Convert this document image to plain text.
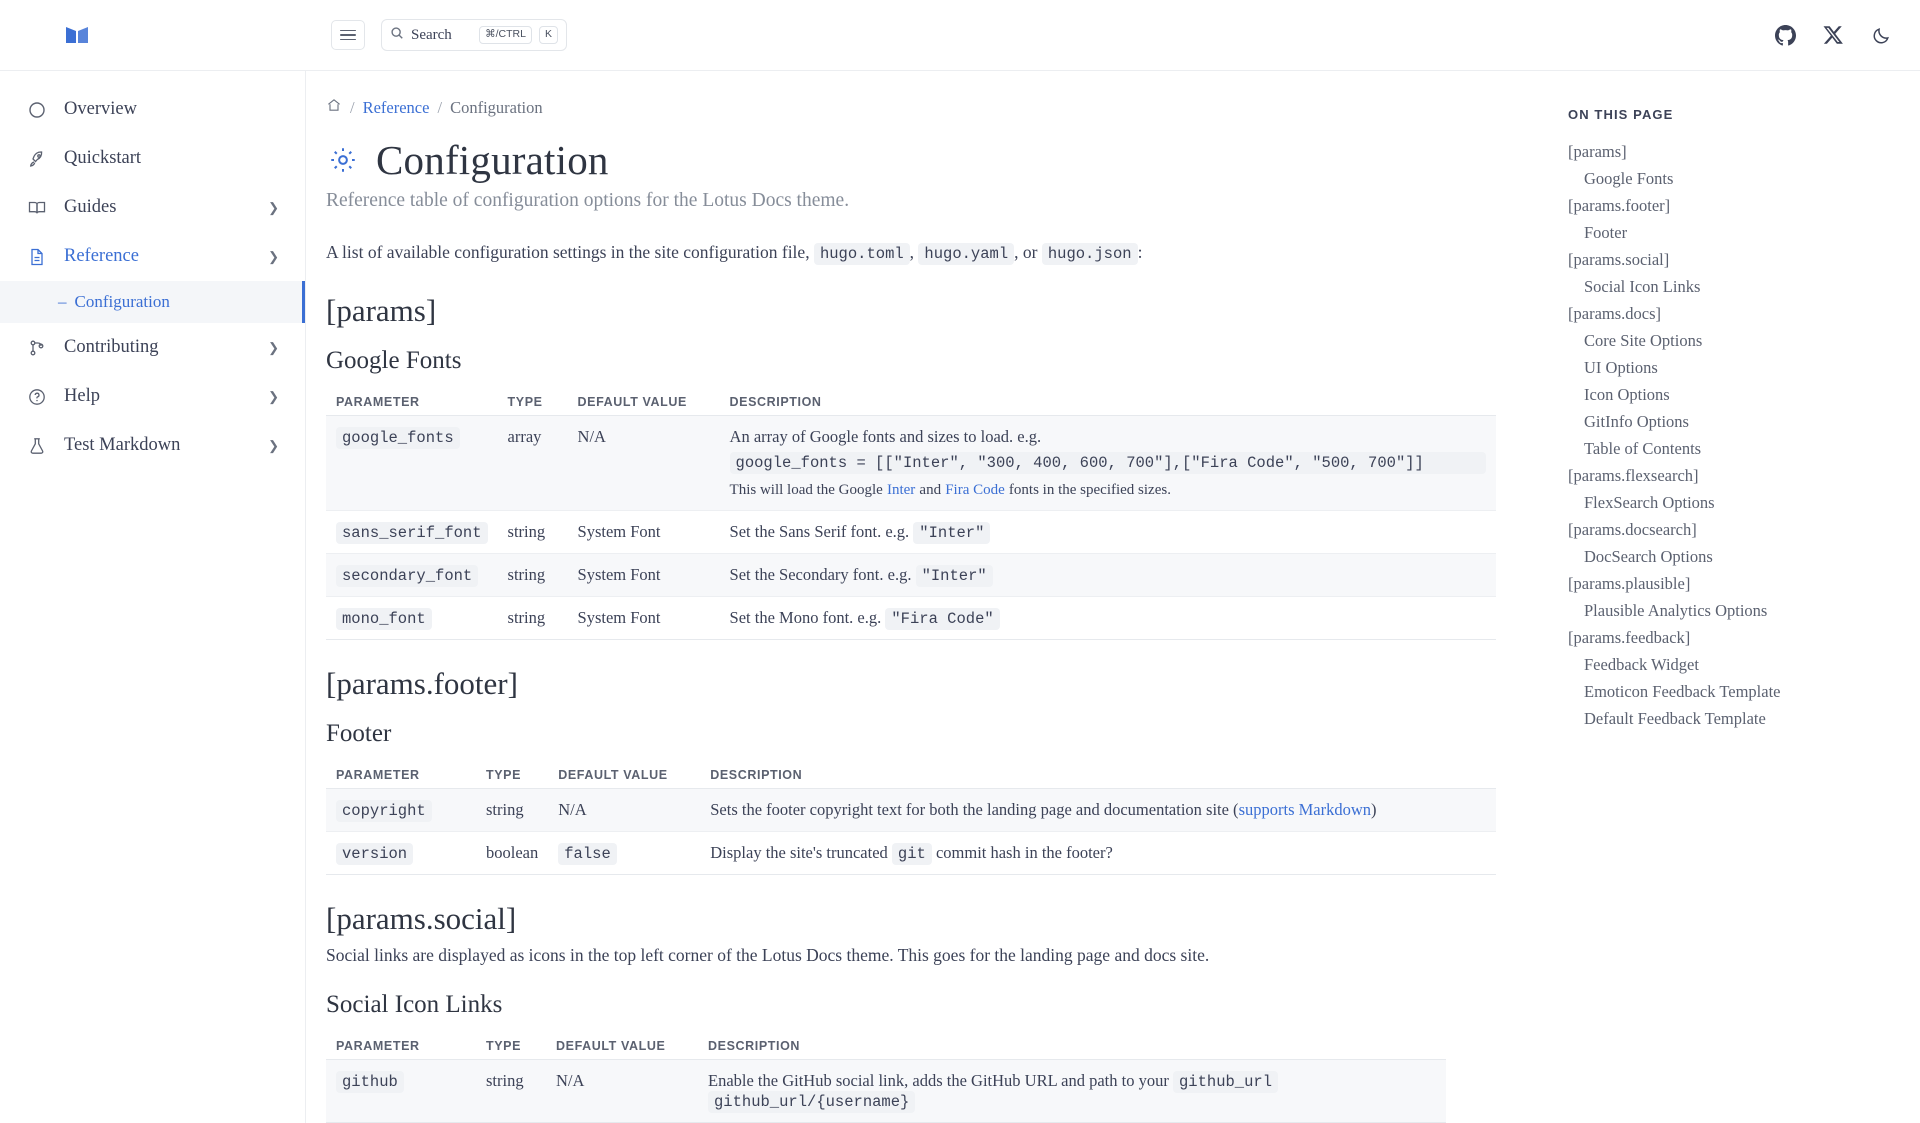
Search	⌘/CTRL	K
Overview
Quickstart
Guides	❯
Reference	❯
– Configuration
Contributing	❯
Help	❯
Test Markdown	❯
/ Reference / Configuration
Configuration
Reference table of configuration options for the Lotus Docs theme.

A list of available configuration settings in the site configuration file, hugo.toml , hugo.yaml , or hugo.json :

[params]
Google Fonts
PARAMETER	TYPE	DEFAULT VALUE	DESCRIPTION
google_fonts	array	N/A	An array of Google fonts and sizes to load. e.g.
google_fonts = [["Inter", "300, 400, 600, 700"],["Fira Code", "500, 700"]]
This will load the Google Inter and Fira Code fonts in the specified sizes.
sans_serif_font	string	System Font	Set the Sans Serif font. e.g. "Inter"
secondary_font	string	System Font	Set the Secondary font. e.g. "Inter"
mono_font	string	System Font	Set the Mono font. e.g. "Fira Code"
[params.footer]
Footer
PARAMETER	TYPE	DEFAULT VALUE	DESCRIPTION
copyright	string	N/A	Sets the footer copyright text for both the landing page and documentation site (supports Markdown)
version	boolean	false	Display the site's truncated git commit hash in the footer?
[params.social]

Social links are displayed as icons in the top left corner of the Lotus Docs theme. This goes for the landing page and docs site.

Social Icon Links
PARAMETER	TYPE	DEFAULT VALUE	DESCRIPTION
github	string	N/A	Enable the GitHub social link, adds the GitHub URL and path to your github_url github_url/{username}
ON THIS PAGE
[params]
Google Fonts
[params.footer]
Footer
[params.social]
Social Icon Links
[params.docs]
Core Site Options
UI Options
Icon Options
GitInfo Options
Table of Contents
[params.flexsearch]
FlexSearch Options
[params.docsearch]
DocSearch Options
[params.plausible]
Plausible Analytics Options
[params.feedback]
Feedback Widget
Emoticon Feedback Template
Default Feedback Template
